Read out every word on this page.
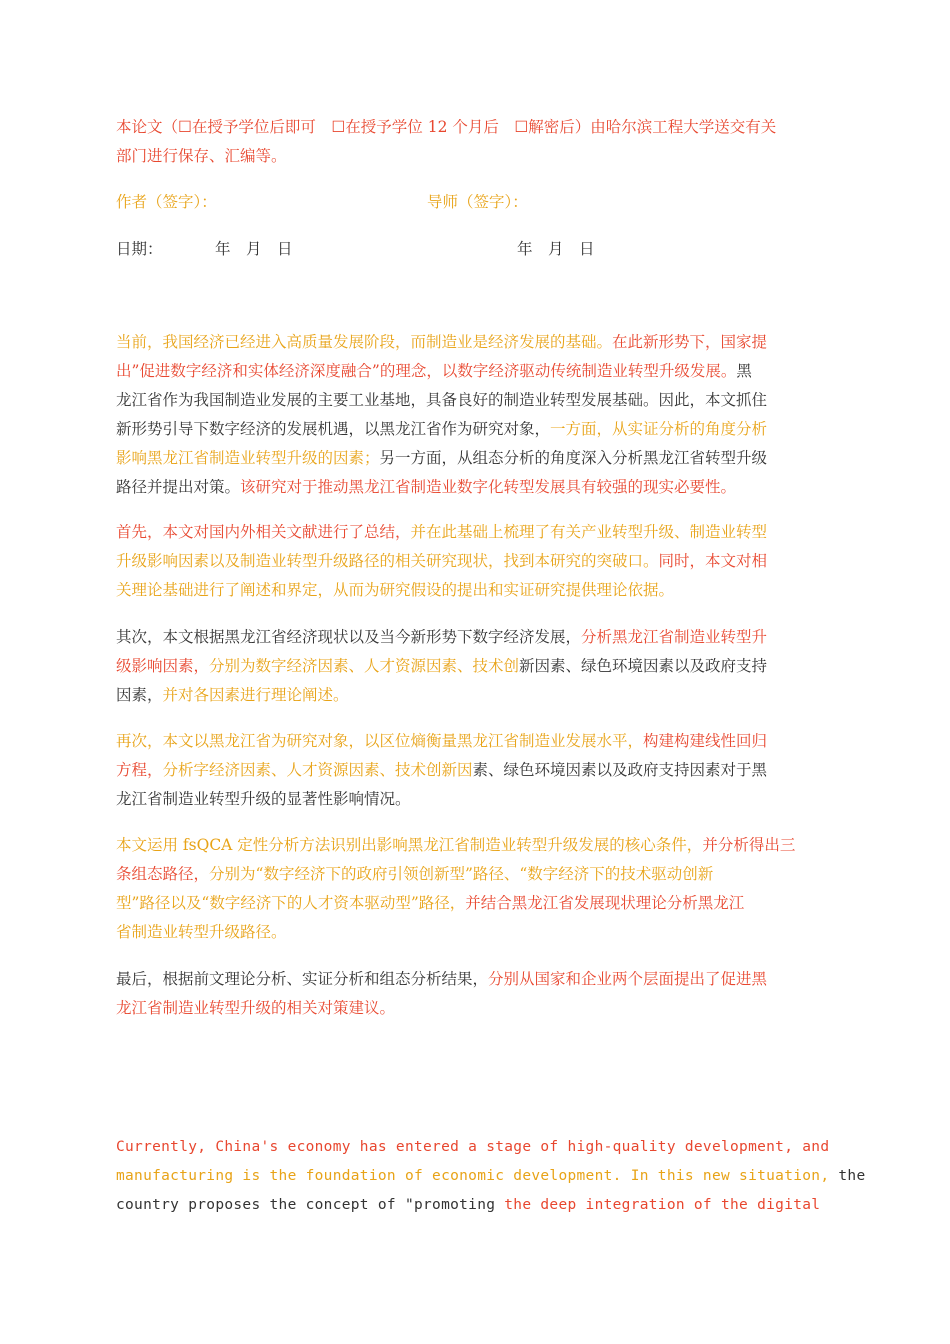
本论文（☐在授予学位后即可　☐在授予学位 12 个月后　☐解密后）由哈尔滨工程大学送交有关
部门进行保存、汇编等。
作者（签字）：	导师（签字）：
日期：	年　月　日	年　月　日
当前，我国经济已经进入高质量发展阶段，而制造业是经济发展的基础。在此新形势下，国家提
出”促进数字经济和实体经济深度融合”的理念，以数字经济驱动传统制造业转型升级发展。黑
龙江省作为我国制造业发展的主要工业基地，具备良好的制造业转型发展基础。因此，本文抓住
新形势引导下数字经济的发展机遇，以黑龙江省作为研究对象，一方面，从实证分析的角度分析
影响黑龙江省制造业转型升级的因素；另一方面，从组态分析的角度深入分析黑龙江省转型升级
路径并提出对策。该研究对于推动黑龙江省制造业数字化转型发展具有较强的现实必要性。
首先，本文对国内外相关文献进行了总结，并在此基础上梳理了有关产业转型升级、制造业转型
升级影响因素以及制造业转型升级路径的相关研究现状，找到本研究的突破口。同时，本文对相
关理论基础进行了阐述和界定，从而为研究假设的提出和实证研究提供理论依据。
其次，本文根据黑龙江省经济现状以及当今新形势下数字经济发展，分析黑龙江省制造业转型升
级影响因素，分别为数字经济因素、人才资源因素、技术创新因素、绿色环境因素以及政府支持
因素，并对各因素进行理论阐述。
再次，本文以黑龙江省为研究对象，以区位熵衡量黑龙江省制造业发展水平，构建构建线性回归
方程，分析字经济因素、人才资源因素、技术创新因素、绿色环境因素以及政府支持因素对于黑
龙江省制造业转型升级的显著性影响情况。
本文运用 fsQCA 定性分析方法识别出影响黑龙江省制造业转型升级发展的核心条件，并分析得出三
条组态路径，分别为“数字经济下的政府引领创新型”路径、“数字经济下的技术驱动创新
型”路径以及“数字经济下的人才资本驱动型”路径，并结合黑龙江省发展现状理论分析黑龙江
省制造业转型升级路径。
最后，根据前文理论分析、实证分析和组态分析结果，分别从国家和企业两个层面提出了促进黑
龙江省制造业转型升级的相关对策建议。
Currently, China's economy has entered a stage of high-quality development, and
manufacturing is the foundation of economic development. In this new situation, the
country proposes the concept of "promoting the deep integration of the digital
